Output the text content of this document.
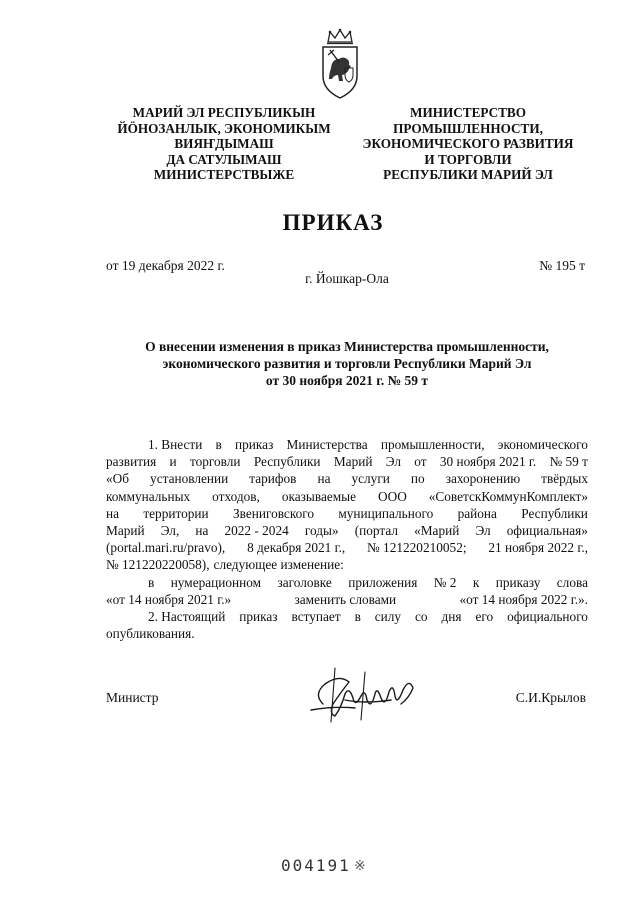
МАРИЙ ЭЛ РЕСПУБЛИКЫН
ЙӦНОЗАНЛЫК, ЭКОНОМИКЫМ
ВИЯҤДЫМАШ
ДА САТУЛЫМАШ
МИНИСТЕРСТВЫЖЕ
МИНИСТЕРСТВО
ПРОМЫШЛЕННОСТИ,
ЭКОНОМИЧЕСКОГО РАЗВИТИЯ
И ТОРГОВЛИ
РЕСПУБЛИКИ МАРИЙ ЭЛ
ПРИКАЗ
от 19 декабря 2022 г.	№ 195 т
г. Йошкар-Ола
О внесении изменения в приказ Министерства промышленности,
экономического развития и торговли Республики Марий Эл
от 30 ноября 2021 г. № 59 т
1. Внести в приказ Министерства промышленности, экономического
развития и торговли Республики Марий Эл от 30 ноября 2021 г. № 59 т
«Об установлении тарифов на услуги по захоронению твёрдых
коммунальных отходов, оказываемые ООО «СоветскКоммунКомплект»
на территории Звениговского муниципального района Республики
Марий Эл, на 2022 - 2024 годы» (портал «Марий Эл официальная»
(portal.mari.ru/pravo), 8 декабря 2021 г., № 121220210052; 21 ноября 2022 г.,
№ 121220220058), следующее изменение:
в нумерационном заголовке приложения № 2 к приказу слова
«от 14 ноября 2021 г.»	заменить словами	«от 14 ноября 2022 г.».
2. Настоящий приказ вступает в силу со дня его официального
опубликования.
Министр	С.И.Крылов
004191 ※
